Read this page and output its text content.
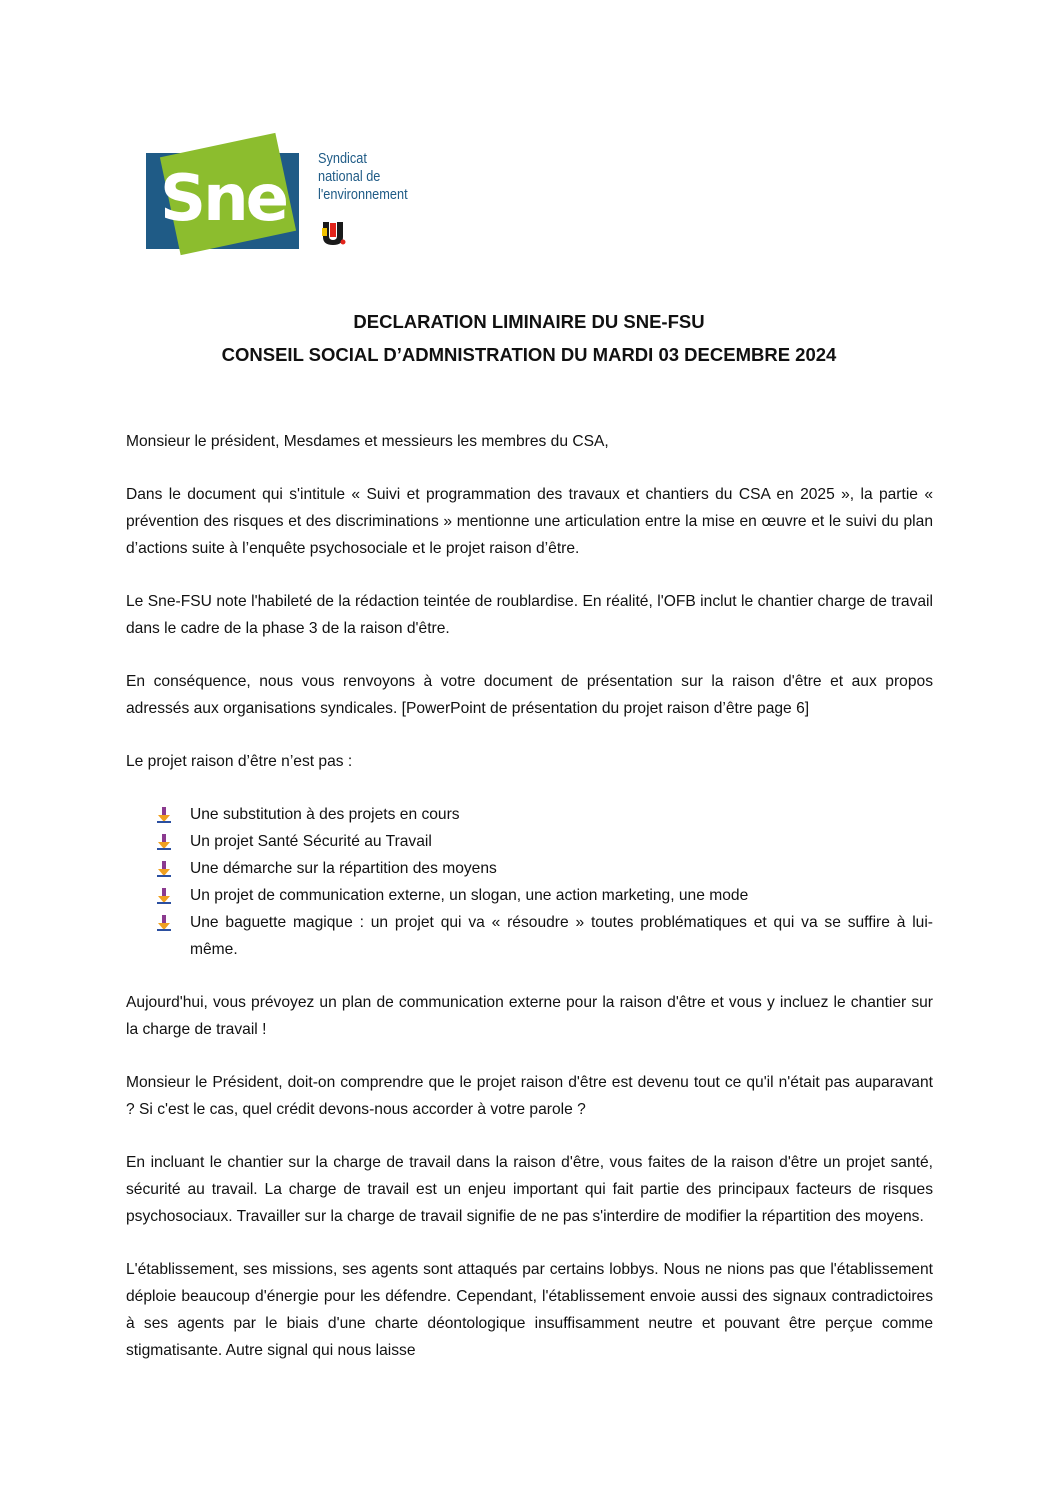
Sne
Syndicat
national de
l'environnement
DECLARATION LIMINAIRE DU SNE-FSU
CONSEIL SOCIAL D’ADMNISTRATION DU MARDI 03 DECEMBRE 2024

Monsieur le président, Mesdames et messieurs les membres du CSA,

Dans le document qui s'intitule « Suivi et programmation des travaux et chantiers du CSA en 2025 », la partie « prévention des risques et des discriminations » mentionne une articulation entre la mise en œuvre et le suivi du plan d’actions suite à l’enquête psychosociale et le projet raison d’être.

Le Sne-FSU note l'habileté de la rédaction teintée de roublardise. En réalité, l'OFB inclut le chantier charge de travail dans le cadre de la phase 3 de la raison d'être.

En conséquence, nous vous renvoyons à votre document de présentation sur la raison d'être et aux propos adressés aux organisations syndicales. [PowerPoint de présentation du projet raison d’être page 6]

Le projet raison d’être n’est pas :

Une substitution à des projets en cours
Un projet Santé Sécurité au Travail
Une démarche sur la répartition des moyens
Un projet de communication externe, un slogan, une action marketing, une mode
Une baguette magique : un projet qui va « résoudre » toutes problématiques et qui va se suffire à lui-même.

Aujourd'hui, vous prévoyez un plan de communication externe pour la raison d'être et vous y incluez le chantier sur la charge de travail !

Monsieur le Président, doit-on comprendre que le projet raison d'être est devenu tout ce qu'il n'était pas auparavant ? Si c'est le cas, quel crédit devons-nous accorder à votre parole ?

En incluant le chantier sur la charge de travail dans la raison d'être, vous faites de la raison d'être un projet santé, sécurité au travail. La charge de travail est un enjeu important qui fait partie des principaux facteurs de risques psychosociaux. Travailler sur la charge de travail signifie de ne pas s'interdire de modifier la répartition des moyens.

L'établissement, ses missions, ses agents sont attaqués par certains lobbys. Nous ne nions pas que l'établissement déploie beaucoup d'énergie pour les défendre. Cependant, l'établissement envoie aussi des signaux contradictoires à ses agents par le biais d'une charte déontologique insuffisamment neutre et pouvant être perçue comme stigmatisante. Autre signal qui nous laisse
